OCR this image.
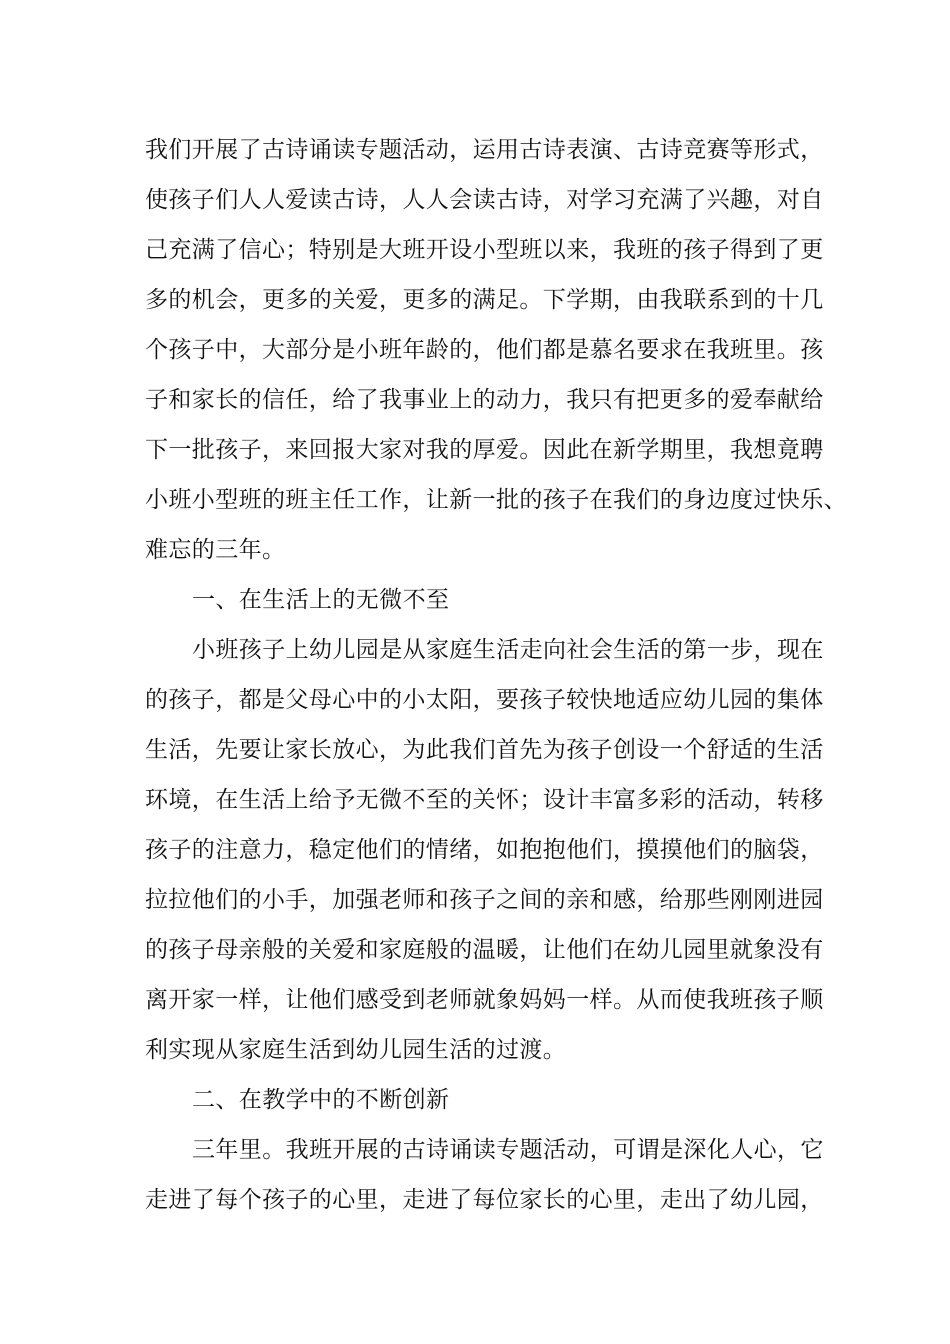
我们开展了古诗诵读专题活动，运用古诗表演、古诗竞赛等形式，
使孩子们人人爱读古诗，人人会读古诗，对学习充满了兴趣，对自
己充满了信心；特别是大班开设小型班以来，我班的孩子得到了更
多的机会，更多的关爱，更多的满足。下学期，由我联系到的十几
个孩子中，大部分是小班年龄的，他们都是慕名要求在我班里。孩
子和家长的信任，给了我事业上的动力，我只有把更多的爱奉献给
下一批孩子，来回报大家对我的厚爱。因此在新学期里，我想竟聘
小班小型班的班主任工作，让新一批的孩子在我们的身边度过快乐、
难忘的三年。
一、在生活上的无微不至
小班孩子上幼儿园是从家庭生活走向社会生活的第一步，现在
的孩子，都是父母心中的小太阳，要孩子较快地适应幼儿园的集体
生活，先要让家长放心，为此我们首先为孩子创设一个舒适的生活
环境，在生活上给予无微不至的关怀；设计丰富多彩的活动，转移
孩子的注意力，稳定他们的情绪，如抱抱他们，摸摸他们的脑袋，
拉拉他们的小手，加强老师和孩子之间的亲和感，给那些刚刚进园
的孩子母亲般的关爱和家庭般的温暖，让他们在幼儿园里就象没有
离开家一样，让他们感受到老师就象妈妈一样。从而使我班孩子顺
利实现从家庭生活到幼儿园生活的过渡。
二、在教学中的不断创新
三年里。我班开展的古诗诵读专题活动，可谓是深化人心，它
走进了每个孩子的心里，走进了每位家长的心里，走出了幼儿园，
